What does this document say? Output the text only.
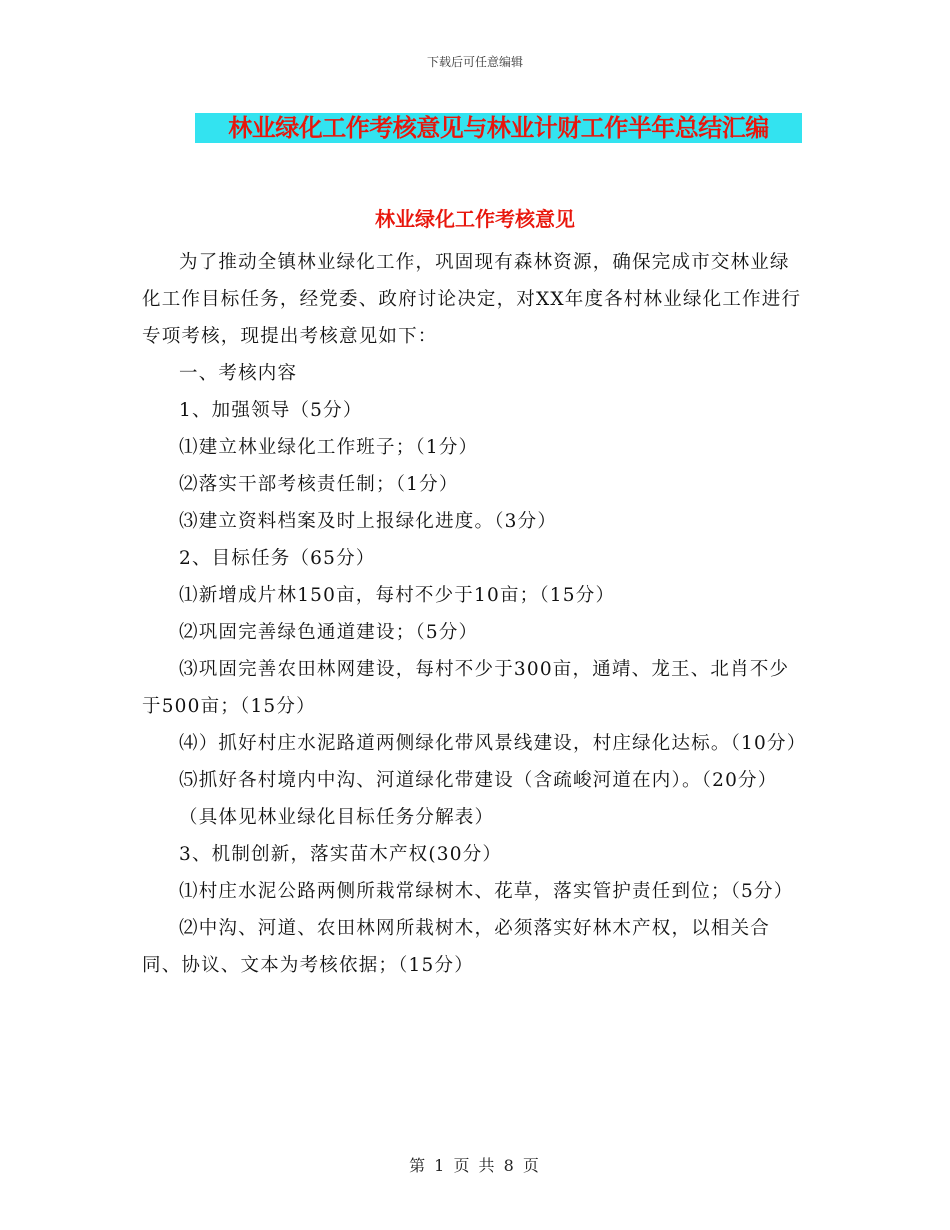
下载后可任意编辑
林业绿化工作考核意见与林业计财工作半年总结汇编
林业绿化工作考核意见

为了推动全镇林业绿化工作，巩固现有森林资源，确保完成市交林业绿化工作目标任务，经党委、政府讨论决定，对XX年度各村林业绿化工作进行专项考核，现提出考核意见如下：

一、考核内容

1、加强领导（5分）

⑴建立林业绿化工作班子；（1分）

⑵落实干部考核责任制；（1分）

⑶建立资料档案及时上报绿化进度。（3分）

2、目标任务（65分）

⑴新增成片林150亩，每村不少于10亩；（15分）

⑵巩固完善绿色通道建设；（5分）

⑶巩固完善农田林网建设，每村不少于300亩，通靖、龙王、北肖不少于500亩；（15分）

⑷）抓好村庄水泥路道两侧绿化带风景线建设，村庄绿化达标。（10分）

⑸抓好各村境内中沟、河道绿化带建设（含疏峻河道在内）。（20分）

（具体见林业绿化目标任务分解表）

3、机制创新，落实苗木产权(30分）

⑴村庄水泥公路两侧所栽常绿树木、花草，落实管护责任到位；（5分）

⑵中沟、河道、农田林网所栽树木，必须落实好林木产权，以相关合同、协议、文本为考核依据；（15分）

第 1 页 共 8 页
